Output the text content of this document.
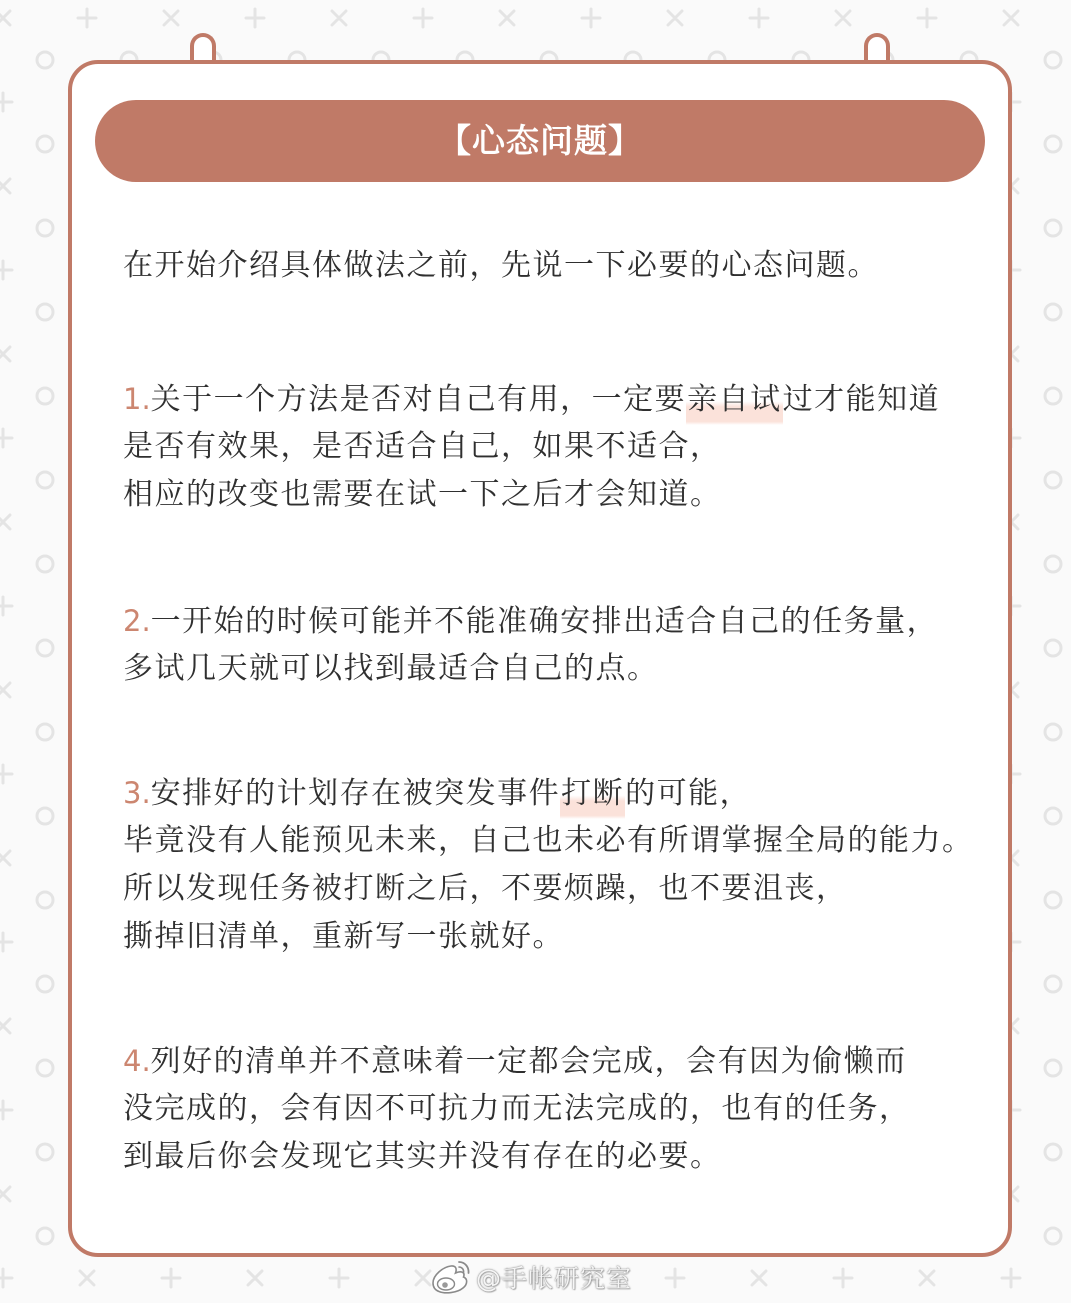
【心态问题】
在开始介绍具体做法之前，先说一下必要的心态问题。
1.关于一个方法是否对自己有用，一定要亲自试过才能知道
是否有效果，是否适合自己，如果不适合，
相应的改变也需要在试一下之后才会知道。
2.一开始的时候可能并不能准确安排出适合自己的任务量，
多试几天就可以找到最适合自己的点。
3.安排好的计划存在被突发事件打断的可能，
毕竟没有人能预见未来，自己也未必有所谓掌握全局的能力。
所以发现任务被打断之后，不要烦躁，也不要沮丧，
撕掉旧清单，重新写一张就好。
4.列好的清单并不意味着一定都会完成，会有因为偷懒而
没完成的，会有因不可抗力而无法完成的，也有的任务，
到最后你会发现它其实并没有存在的必要。
@手帐研究室
